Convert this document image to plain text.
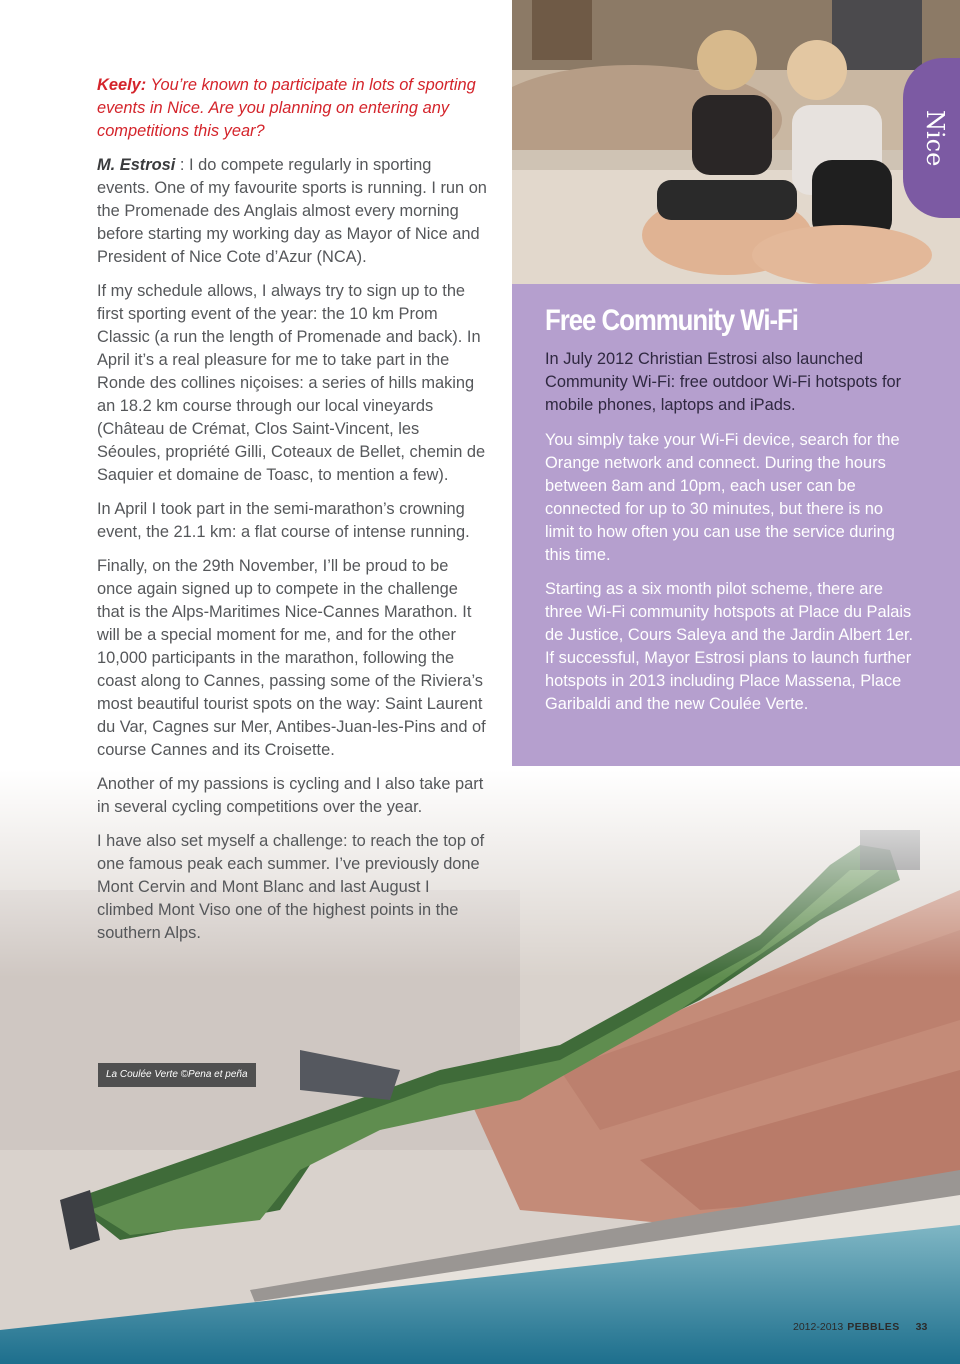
Nice

Keely: You’re known to participate in lots of sporting events in Nice. Are you planning on entering any competitions this year?

M. Estrosi : I do compete regularly in sporting events. One of my favourite sports is running. I run on the Promenade des Anglais almost every morning before starting my working day as Mayor of Nice and President of Nice Cote d’Azur (NCA).

If my schedule allows, I always try to sign up to the first sporting event of the year: the 10 km Prom Classic (a run the length of Promenade and back). In April it’s a real pleasure for me to take part in the Ronde des collines niçoises: a series of hills making an 18.2 km course through our local vineyards (Château de Crémat, Clos Saint-Vincent, les Séoules, propriété Gilli, Coteaux de Bellet, chemin de Saquier et domaine de Toasc, to mention a few).

In April I took part in the semi-marathon’s crowning event, the 21.1 km: a flat course of intense running.

Finally, on the 29th November, I’ll be proud to be once again signed up to compete in the challenge that is the Alps-Maritimes Nice-Cannes Marathon. It will be a special moment for me, and for the other 10,000 participants in the marathon, following the coast along to Cannes, passing some of the Riviera’s most beautiful tourist spots on the way: Saint Laurent du Var, Cagnes sur Mer, Antibes-Juan-les-Pins and of course Cannes and its Croisette.

Another of my passions is cycling and I also take part in several cycling competitions over the year.

I have also set myself a challenge: to reach the top of one famous peak each summer. I’ve previously done Mont Cervin and Mont Blanc and last August I climbed Mont Viso one of the highest points in the southern Alps.

Free Community Wi-Fi

In July 2012 Christian Estrosi also launched Community Wi-Fi: free outdoor Wi-Fi hotspots for mobile phones, laptops and iPads.

You simply take your Wi-Fi device, search for the Orange network and connect. During the hours between 8am and 10pm, each user can be connected for up to 30 minutes, but there is no limit to how often you can use the service during this time.

Starting as a six month pilot scheme, there are three Wi-Fi community hotspots at Place du Palais de Justice, Cours Saleya and the Jardin Albert 1er. If successful, Mayor Estrosi plans to launch further hotspots in 2013 including Place Massena, Place Garibaldi and the new Coulée Verte.

La Coulée Verte ©Pena et peña
2012-2013 PEBBLES 33
